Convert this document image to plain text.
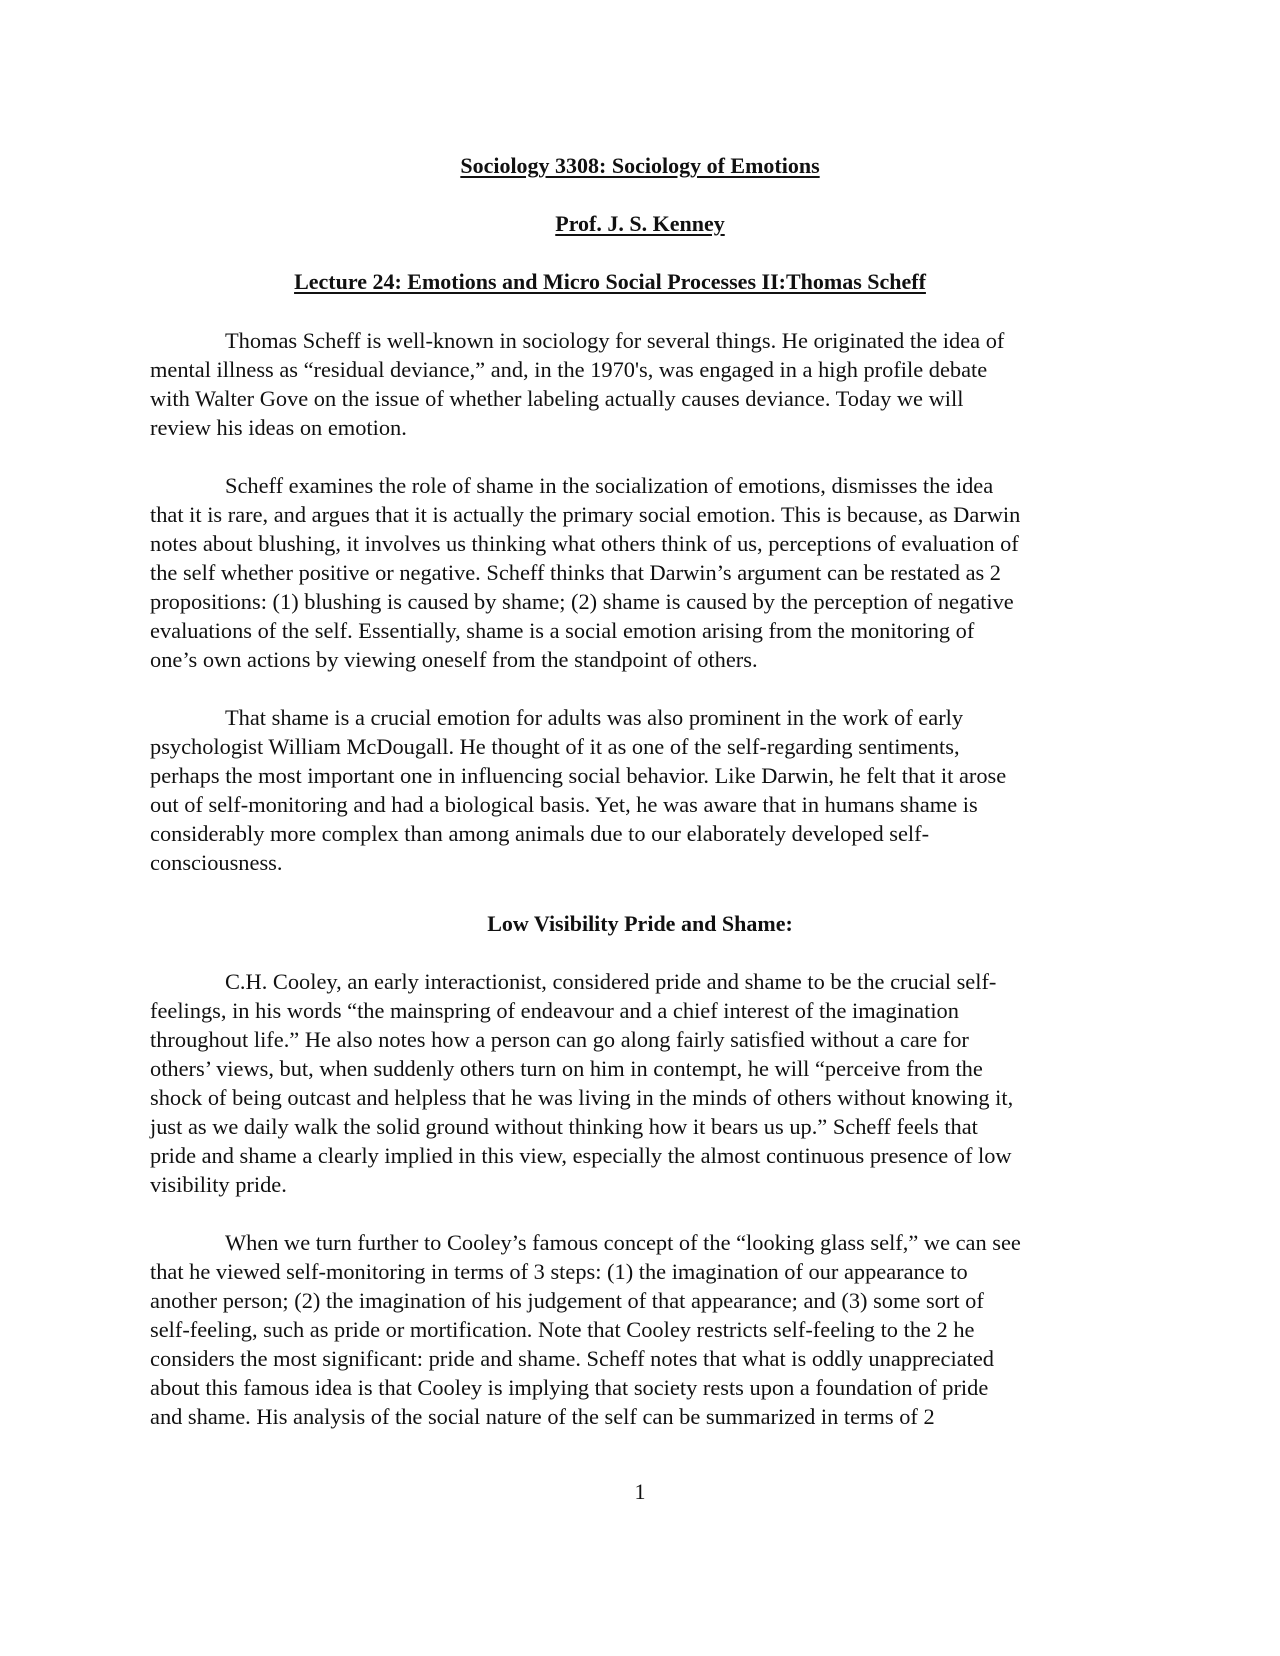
Sociology 3308: Sociology of Emotions
Prof. J. S. Kenney
Lecture 24: Emotions and Micro Social Processes II:Thomas Scheff

Thomas Scheff is well-known in sociology for several things. He originated the idea of
mental illness as “residual deviance,” and, in the 1970's, was engaged in a high profile debate
with Walter Gove on the issue of whether labeling actually causes deviance. Today we will
review his ideas on emotion.

Scheff examines the role of shame in the socialization of emotions, dismisses the idea
that it is rare, and argues that it is actually the primary social emotion. This is because, as Darwin
notes about blushing, it involves us thinking what others think of us, perceptions of evaluation of
the self whether positive or negative. Scheff thinks that Darwin’s argument can be restated as 2
propositions: (1) blushing is caused by shame; (2) shame is caused by the perception of negative
evaluations of the self. Essentially, shame is a social emotion arising from the monitoring of
one’s own actions by viewing oneself from the standpoint of others.

That shame is a crucial emotion for adults was also prominent in the work of early
psychologist William McDougall. He thought of it as one of the self-regarding sentiments,
perhaps the most important one in influencing social behavior. Like Darwin, he felt that it arose
out of self-monitoring and had a biological basis. Yet, he was aware that in humans shame is
considerably more complex than among animals due to our elaborately developed self-
consciousness.

Low Visibility Pride and Shame:

C.H. Cooley, an early interactionist, considered pride and shame to be the crucial self-
feelings, in his words “the mainspring of endeavour and a chief interest of the imagination
throughout life.” He also notes how a person can go along fairly satisfied without a care for
others’ views, but, when suddenly others turn on him in contempt, he will “perceive from the
shock of being outcast and helpless that he was living in the minds of others without knowing it,
just as we daily walk the solid ground without thinking how it bears us up.” Scheff feels that
pride and shame a clearly implied in this view, especially the almost continuous presence of low
visibility pride.

When we turn further to Cooley’s famous concept of the “looking glass self,” we can see
that he viewed self-monitoring in terms of 3 steps: (1) the imagination of our appearance to
another person; (2) the imagination of his judgement of that appearance; and (3) some sort of
self-feeling, such as pride or mortification. Note that Cooley restricts self-feeling to the 2 he
considers the most significant: pride and shame. Scheff notes that what is oddly unappreciated
about this famous idea is that Cooley is implying that society rests upon a foundation of pride
and shame. His analysis of the social nature of the self can be summarized in terms of 2

1
